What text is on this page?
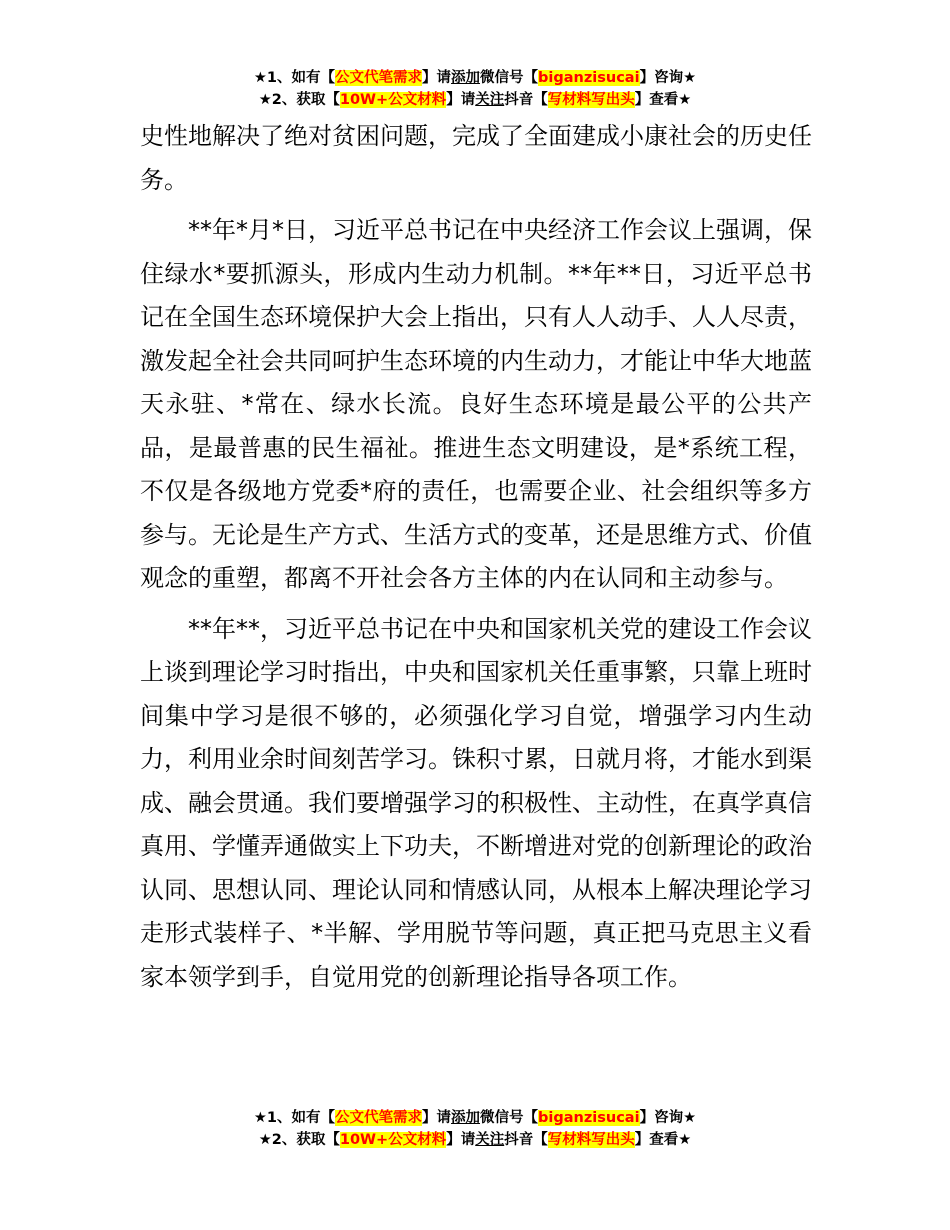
★1、如有【公文代笔需求】请添加微信号【biganzisucai】咨询★
★2、获取【10W+公文材料】请关注抖音【写材料写出头】查看★

史性地解决了绝对贫困问题，完成了全面建成小康社会的历史任务。

**年*月*日，习近平总书记在中央经济工作会议上强调，保住绿水*要抓源头，形成内生动力机制。**年**日，习近平总书记在全国生态环境保护大会上指出，只有人人动手、人人尽责，激发起全社会共同呵护生态环境的内生动力，才能让中华大地蓝天永驻、*常在、绿水长流。良好生态环境是最公平的公共产品，是最普惠的民生福祉。推进生态文明建设，是*系统工程，不仅是各级地方党委*府的责任，也需要企业、社会组织等多方参与。无论是生产方式、生活方式的变革，还是思维方式、价值观念的重塑，都离不开社会各方主体的内在认同和主动参与。

**年**，习近平总书记在中央和国家机关党的建设工作会议上谈到理论学习时指出，中央和国家机关任重事繁，只靠上班时间集中学习是很不够的，必须强化学习自觉，增强学习内生动力，利用业余时间刻苦学习。铢积寸累，日就月将，才能水到渠成、融会贯通。我们要增强学习的积极性、主动性，在真学真信真用、学懂弄通做实上下功夫，不断增进对党的创新理论的政治认同、思想认同、理论认同和情感认同，从根本上解决理论学习走形式装样子、*半解、学用脱节等问题，真正把马克思主义看家本领学到手，自觉用党的创新理论指导各项工作。

★1、如有【公文代笔需求】请添加微信号【biganzisucai】咨询★
★2、获取【10W+公文材料】请关注抖音【写材料写出头】查看★
